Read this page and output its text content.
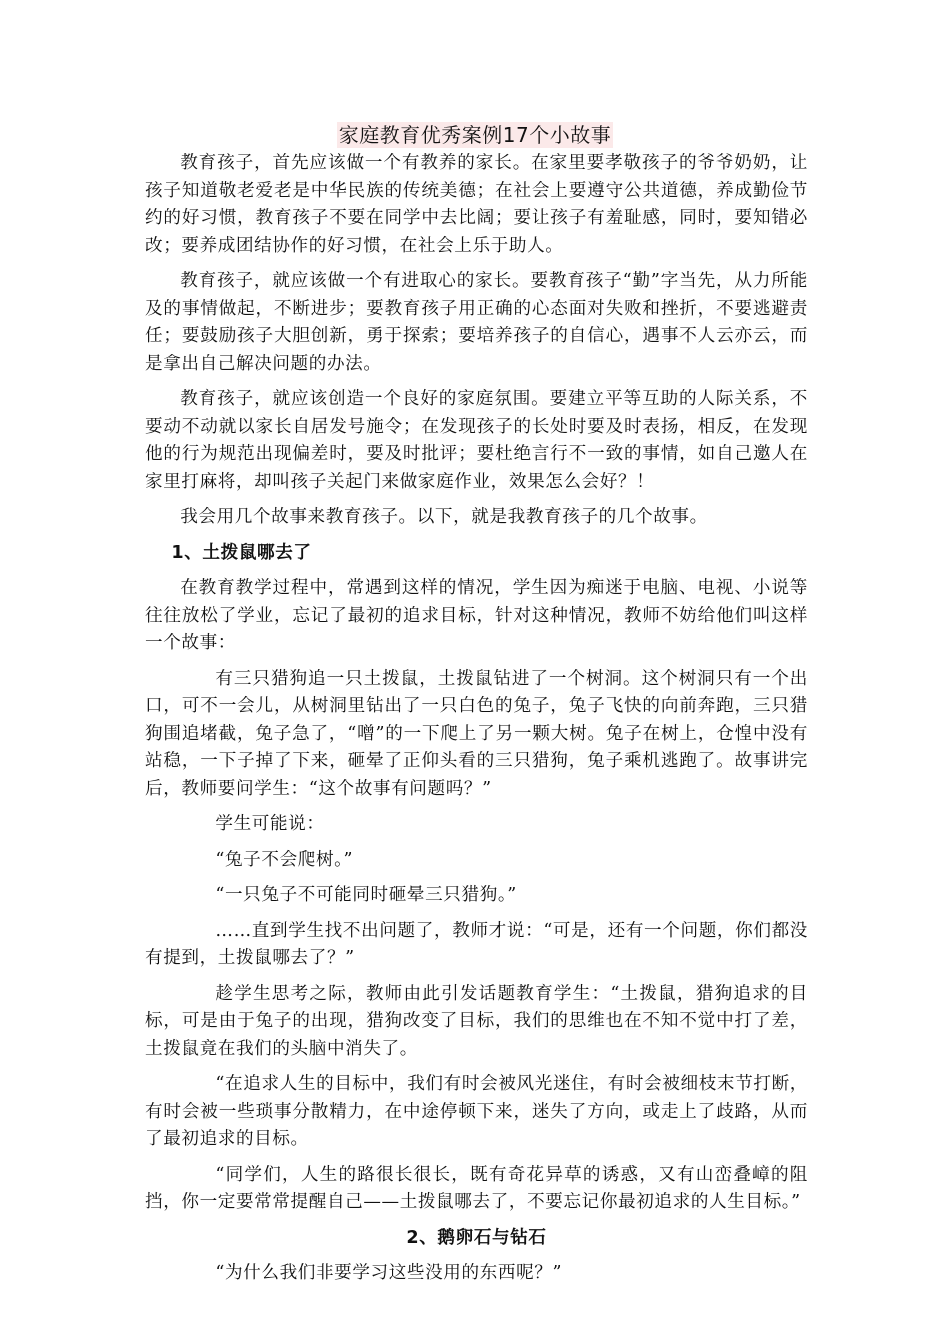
家庭教育优秀案例17个小故事

教育孩子，首先应该做一个有教养的家长。在家里要孝敬孩子的爷爷奶奶，让孩子知道敬老爱老是中华民族的传统美德；在社会上要遵守公共道德，养成勤俭节约的好习惯，教育孩子不要在同学中去比阔；要让孩子有羞耻感，同时，要知错必改；要养成团结协作的好习惯，在社会上乐于助人。

教育孩子，就应该做一个有进取心的家长。要教育孩子“勤”字当先，从力所能及的事情做起，不断进步；要教育孩子用正确的心态面对失败和挫折，不要逃避责任；要鼓励孩子大胆创新，勇于探索；要培养孩子的自信心，遇事不人云亦云，而是拿出自己解决问题的办法。

教育孩子，就应该创造一个良好的家庭氛围。要建立平等互助的人际关系，不要动不动就以家长自居发号施令；在发现孩子的长处时要及时表扬，相反，在发现他的行为规范出现偏差时，要及时批评；要杜绝言行不一致的事情，如自己邀人在家里打麻将，却叫孩子关起门来做家庭作业，效果怎么会好？！

我会用几个故事来教育孩子。以下，就是我教育孩子的几个故事。

1、土拨鼠哪去了

在教育教学过程中，常遇到这样的情况，学生因为痴迷于电脑、电视、小说等往往放松了学业，忘记了最初的追求目标，针对这种情况，教师不妨给他们叫这样一个故事：

有三只猎狗追一只土拨鼠，土拨鼠钻进了一个树洞。这个树洞只有一个出口，可不一会儿，从树洞里钻出了一只白色的兔子，兔子飞快的向前奔跑，三只猎狗围追堵截，兔子急了，“噌”的一下爬上了另一颗大树。兔子在树上，仓惶中没有站稳，一下子掉了下来，砸晕了正仰头看的三只猎狗，兔子乘机逃跑了。故事讲完后，教师要问学生：“这个故事有问题吗？”

学生可能说：

“兔子不会爬树。”

“一只兔子不可能同时砸晕三只猎狗。”

……直到学生找不出问题了，教师才说：“可是，还有一个问题，你们都没有提到，土拨鼠哪去了？”

趁学生思考之际，教师由此引发话题教育学生：“土拨鼠，猎狗追求的目标，可是由于兔子的出现，猎狗改变了目标，我们的思维也在不知不觉中打了差，土拨鼠竟在我们的头脑中消失了。

“在追求人生的目标中，我们有时会被风光迷住，有时会被细枝末节打断，有时会被一些琐事分散精力，在中途停顿下来，迷失了方向，或走上了歧路，从而了最初追求的目标。

“同学们，人生的路很长很长，既有奇花异草的诱惑，又有山峦叠嶂的阻挡，你一定要常常提醒自己——土拨鼠哪去了，不要忘记你最初追求的人生目标。”

2、鹅卵石与钻石

“为什么我们非要学习这些没用的东西呢？”
